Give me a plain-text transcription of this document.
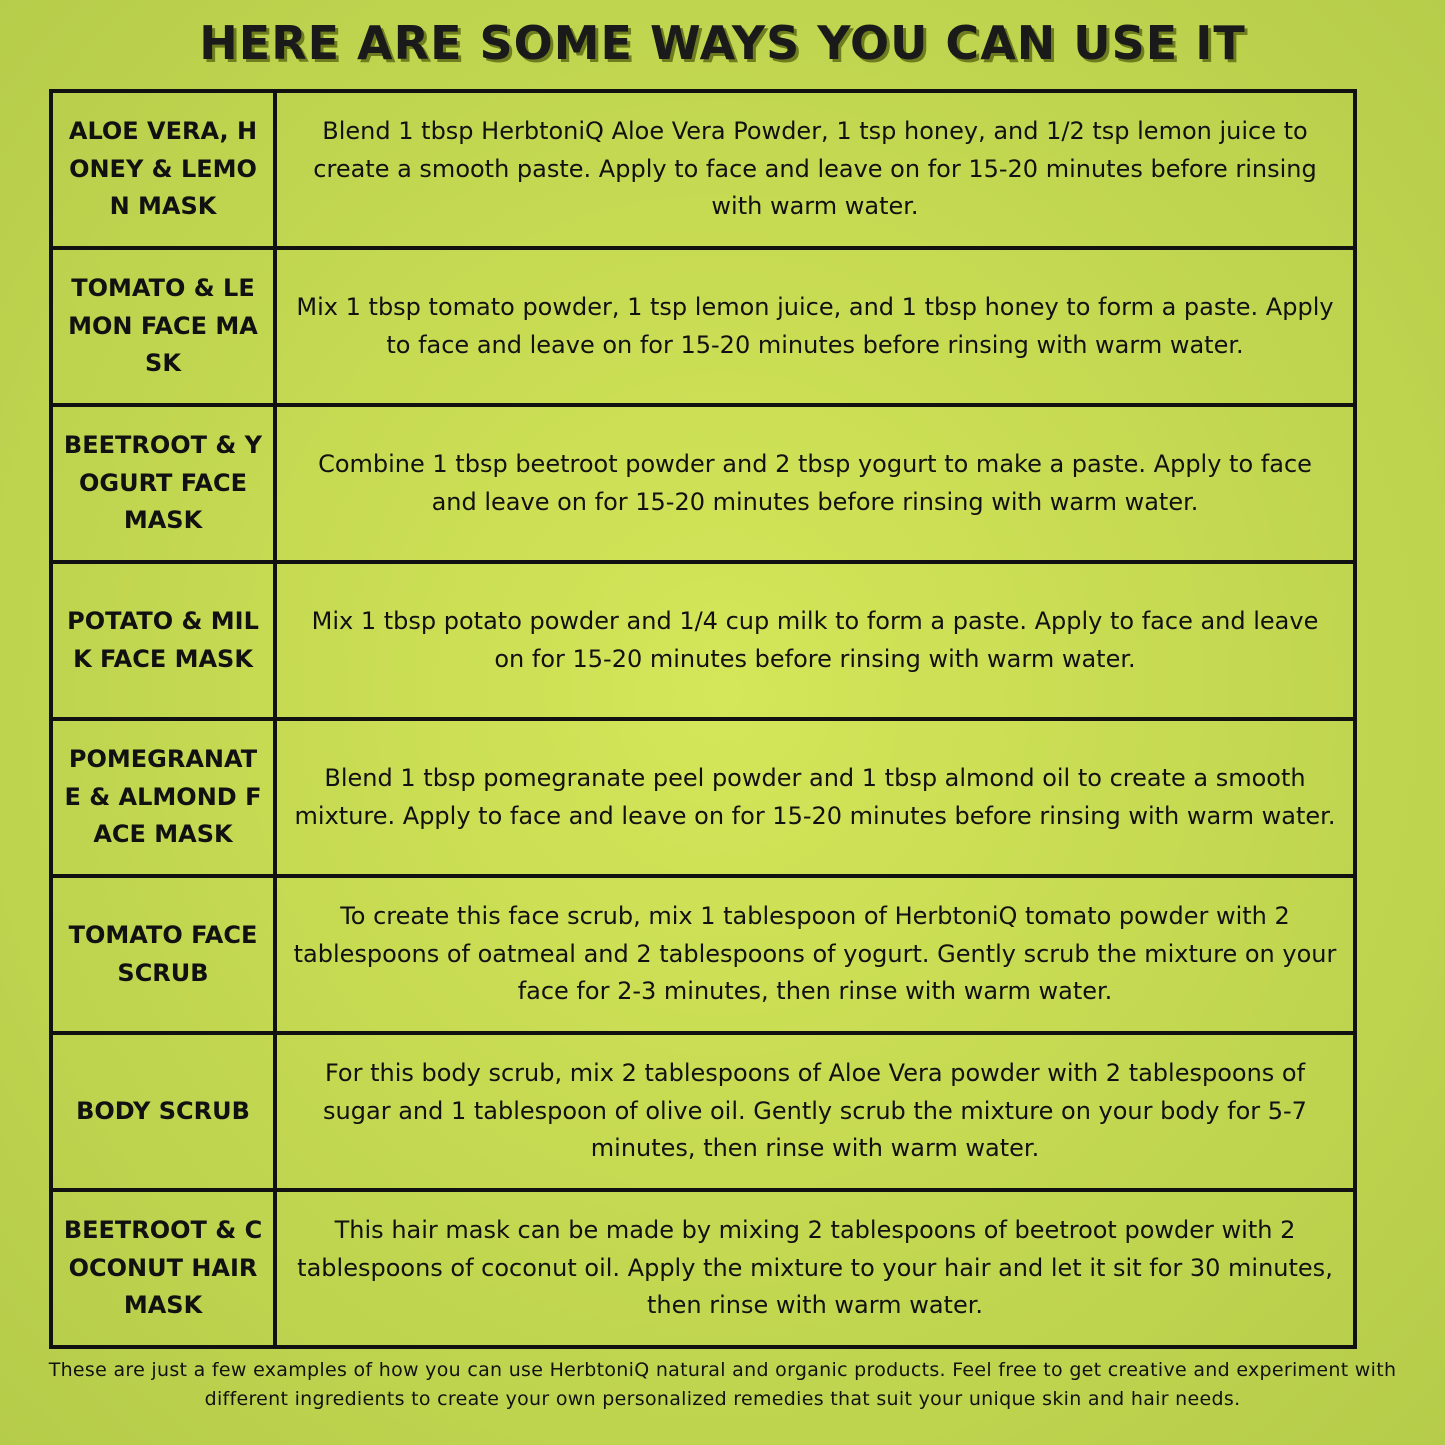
HERE ARE SOME WAYS YOU CAN USE IT
ALOE VERA, HONEY & LEMON MASK	Blend 1 tbsp HerbtoniQ Aloe Vera Powder, 1 tsp honey, and 1/2 tsp lemon juice to create a smooth paste. Apply to face and leave on for 15-20 minutes before rinsing with warm water.
TOMATO & LEMON FACE MASK	Mix 1 tbsp tomato powder, 1 tsp lemon juice, and 1 tbsp honey to form a paste. Apply to face and leave on for 15-20 minutes before rinsing with warm water.
BEETROOT & YOGURT FACE MASK	Combine 1 tbsp beetroot powder and 2 tbsp yogurt to make a paste. Apply to face and leave on for 15-20 minutes before rinsing with warm water.
POTATO & MILK FACE MASK	Mix 1 tbsp potato powder and 1/4 cup milk to form a paste. Apply to face and leave on for 15-20 minutes before rinsing with warm water.
POMEGRANATE & ALMOND FACE MASK	Blend 1 tbsp pomegranate peel powder and 1 tbsp almond oil to create a smooth mixture. Apply to face and leave on for 15-20 minutes before rinsing with warm water.
TOMATO FACE SCRUB	To create this face scrub, mix 1 tablespoon of HerbtoniQ tomato powder with 2 tablespoons of oatmeal and 2 tablespoons of yogurt. Gently scrub the mixture on your face for 2-3 minutes, then rinse with warm water.
BODY SCRUB	For this body scrub, mix 2 tablespoons of Aloe Vera powder with 2 tablespoons of sugar and 1 tablespoon of olive oil. Gently scrub the mixture on your body for 5-7 minutes, then rinse with warm water.
BEETROOT & COCONUT HAIR MASK	This hair mask can be made by mixing 2 tablespoons of beetroot powder with 2 tablespoons of coconut oil. Apply the mixture to your hair and let it sit for 30 minutes, then rinse with warm water.
These are just a few examples of how you can use HerbtoniQ natural and organic products. Feel free to get creative and experiment with different ingredients to create your own personalized remedies that suit your unique skin and hair needs.
